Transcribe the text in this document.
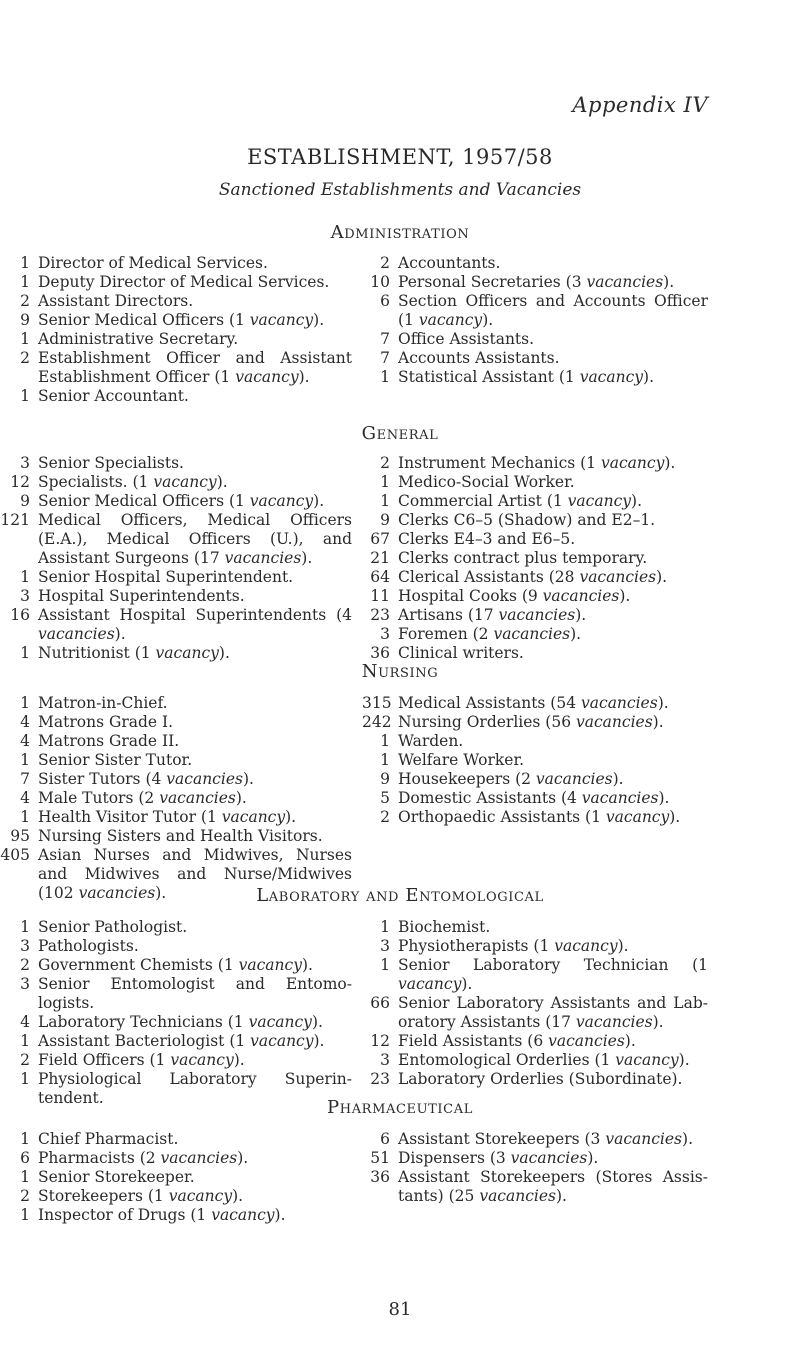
Appendix IV
ESTABLISHMENT, 1957/58
Sanctioned Establishments and Vacancies
Administration
1 Director of Medical Services.
1 Deputy Director of Medical Services.
2 Assistant Directors.
9 Senior Medical Officers (1 vacancy).
1 Administrative Secretary.
2 Establishment Officer and Assistant Establishment Officer (1 vacancy).
1 Senior Accountant.
2 Accountants.
10 Personal Secretaries (3 vacancies).
6 Section Officers and Accounts Officer (1 vacancy).
7 Office Assistants.
7 Accounts Assistants.
1 Statistical Assistant (1 vacancy).
General
3 Senior Specialists.
12 Specialists. (1 vacancy).
9 Senior Medical Officers (1 vacancy).
121 Medical Officers, Medical Officers (E.A.), Medical Officers (U.), and Assistant Surgeons (17 vacancies).
1 Senior Hospital Superintendent.
3 Hospital Superintendents.
16 Assistant Hospital Superintendents (4 vacancies).
1 Nutritionist (1 vacancy).
2 Instrument Mechanics (1 vacancy).
1 Medico-Social Worker.
1 Commercial Artist (1 vacancy).
9 Clerks C6–5 (Shadow) and E2–1.
67 Clerks E4–3 and E6–5.
21 Clerks contract plus temporary.
64 Clerical Assistants (28 vacancies).
11 Hospital Cooks (9 vacancies).
23 Artisans (17 vacancies).
3 Foremen (2 vacancies).
36 Clinical writers.
Nursing
1 Matron-in-Chief.
4 Matrons Grade I.
4 Matrons Grade II.
1 Senior Sister Tutor.
7 Sister Tutors (4 vacancies).
4 Male Tutors (2 vacancies).
1 Health Visitor Tutor (1 vacancy).
95 Nursing Sisters and Health Visitors.
405 Asian Nurses and Midwives, Nurses and Midwives and Nurse/Midwives (102 vacancies).
315 Medical Assistants (54 vacancies).
242 Nursing Orderlies (56 vacancies).
1 Warden.
1 Welfare Worker.
9 Housekeepers (2 vacancies).
5 Domestic Assistants (4 vacancies).
2 Orthopaedic Assistants (1 vacancy).
Laboratory and Entomological
1 Senior Pathologist.
3 Pathologists.
2 Government Chemists (1 vacancy).
3 Senior Entomologist and Entomo-logists.
4 Laboratory Technicians (1 vacancy).
1 Assistant Bacteriologist (1 vacancy).
2 Field Officers (1 vacancy).
1 Physiological Laboratory Superin-tendent.
1 Biochemist.
3 Physiotherapists (1 vacancy).
1 Senior Laboratory Technician (1 vacancy).
66 Senior Laboratory Assistants and Lab-oratory Assistants (17 vacancies).
12 Field Assistants (6 vacancies).
3 Entomological Orderlies (1 vacancy).
23 Laboratory Orderlies (Subordinate).
Pharmaceutical
1 Chief Pharmacist.
6 Pharmacists (2 vacancies).
1 Senior Storekeeper.
2 Storekeepers (1 vacancy).
1 Inspector of Drugs (1 vacancy).
6 Assistant Storekeepers (3 vacancies).
51 Dispensers (3 vacancies).
36 Assistant Storekeepers (Stores Assis-tants) (25 vacancies).
81
